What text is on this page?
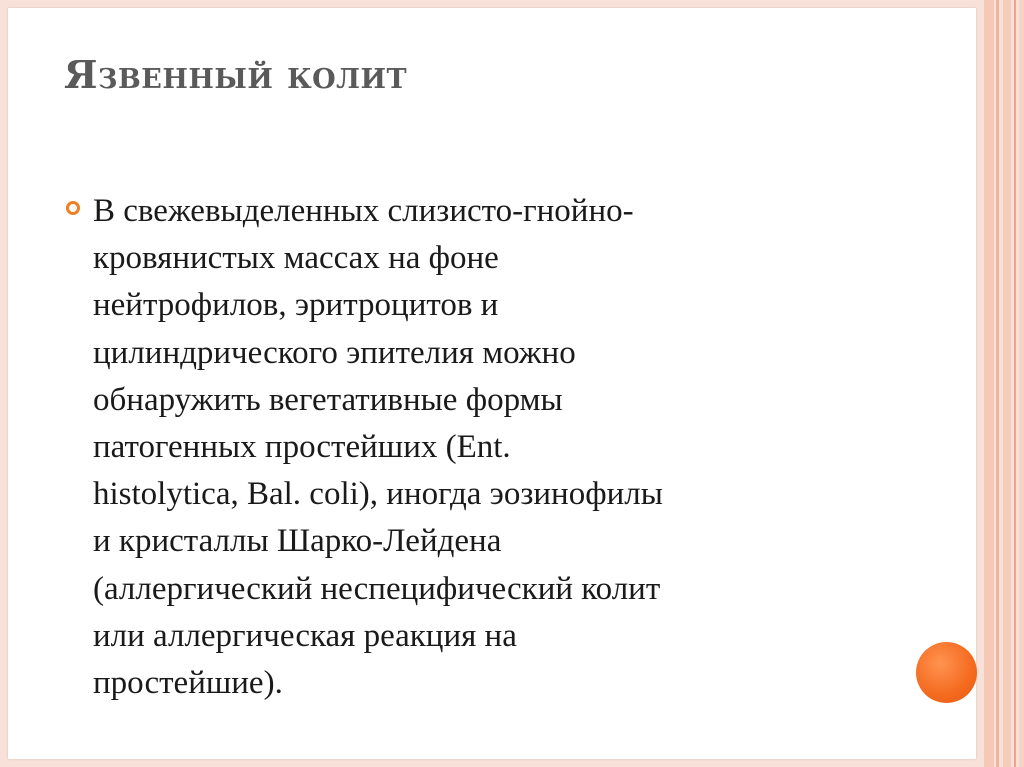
Язвенный колит

В свежевыделенных слизисто-гнойно-
кровянистых массах на фоне
нейтрофилов, эритроцитов и
цилиндрического эпителия можно
обнаружить вегетативные формы
патогенных простейших (Ent.
histolytica, Bal. coli), иногда эозинофилы
и кристаллы Шарко-Лейдена
(аллергический неспецифический колит
или аллергическая реакция на
простейшие).
